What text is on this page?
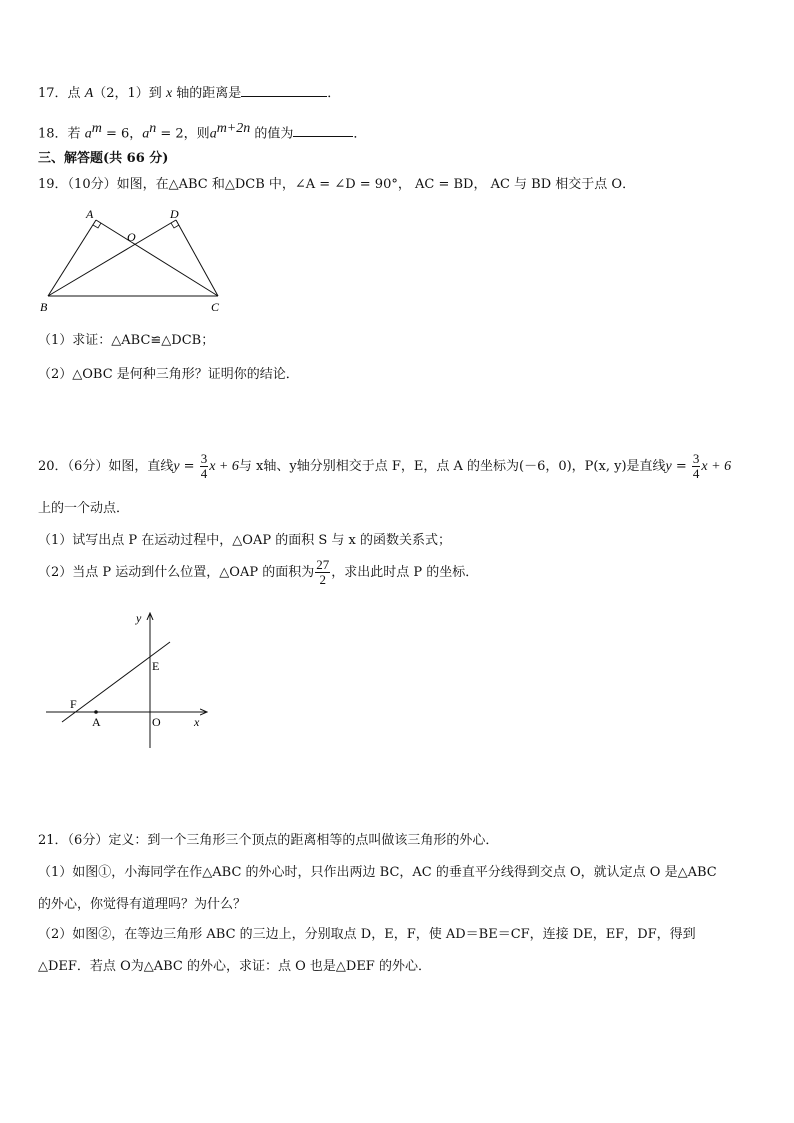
17．点 A（2，1）到 x 轴的距离是	．
18．若 $a^m = 6$，$a^n = 2$，则$a^{m+2n}$ 的值为	．
三、解答题(共 66 分)
19．（10分）如图，在△ABC 和△DCB 中，∠A = ∠D = 90°， AC = BD， AC 与 BD 相交于点 O．
A	D
O
B	C
（1）求证：△ABC≌△DCB；
（2）△OBC 是何种三角形？证明你的结论．
20．（6分）如图，直线$y = \frac{3}{4}$ x + 6与 x轴、y轴分别相交于点 F，E，点 A 的坐标为(－6，0)，P(x, y)是直线$y = \frac{3}{4}$ x + 6
上的一个动点．
（1）试写出点 P 在运动过程中，△OAP 的面积 S 与 x 的函数关系式；
（2）当点 P 运动到什么位置，△OAP 的面积为 $\frac{27}{2}$ ，求出此时点 P 的坐标．
y
E
F
A	O	x
21．（6分）定义：到一个三角形三个顶点的距离相等的点叫做该三角形的外心．
（1）如图①，小海同学在作△ABC 的外心时，只作出两边 BC，AC 的垂直平分线得到交点 O，就认定点 O 是△ABC
的外心，你觉得有道理吗？为什么？
（2）如图②，在等边三角形 ABC 的三边上，分别取点 D，E，F，使 AD＝BE＝CF，连接 DE，EF，DF，得到
△DEF．若点 O为△ABC 的外心，求证：点 O 也是△DEF 的外心．
